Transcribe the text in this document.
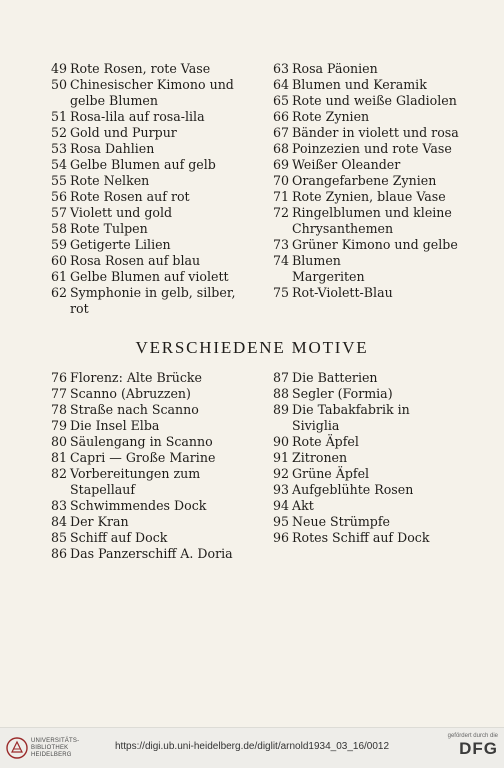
49 Rote Rosen, rote Vase
50 Chinesischer Kimono und
gelbe Blumen
51 Rosa-lila auf rosa-lila
52 Gold und Purpur
53 Rosa Dahlien
54 Gelbe Blumen auf gelb
55 Rote Nelken
56 Rote Rosen auf rot
57 Violett und gold
58 Rote Tulpen
59 Getigerte Lilien
60 Rosa Rosen auf blau
61 Gelbe Blumen auf violett
62 Symphonie in gelb, silber,
rot
63 Rosa Päonien
64 Blumen und Keramik
65 Rote und weiße Gladiolen
66 Rote Zynien
67 Bänder in violett und rosa
68 Poinzezien und rote Vase
69 Weißer Oleander
70 Orangefarbene Zynien
71 Rote Zynien, blaue Vase
72 Ringelblumen und kleine
Chrysanthemen
73 Grüner Kimono und gelbe
74 Blumen
Margeriten
75 Rot-Violett-Blau
VERSCHIEDENE MOTIVE
76 Florenz: Alte Brücke
77 Scanno (Abruzzen)
78 Straße nach Scanno
79 Die Insel Elba
80 Säulengang in Scanno
81 Capri — Große Marine
82 Vorbereitungen zum
Stapellauf
83 Schwimmendes Dock
84 Der Kran
85 Schiff auf Dock
86 Das Panzerschiff A. Doria
87 Die Batterien
88 Segler (Formia)
89 Die Tabakfabrik in
Siviglia
90 Rote Äpfel
91 Zitronen
92 Grüne Äpfel
93 Aufgeblühte Rosen
94 Akt
95 Neue Strümpfe
96 Rotes Schiff auf Dock
UNIVERSITÄTS-
BIBLIOTHEK
HEIDELBERG
https://digi.ub.uni-heidelberg.de/diglit/arnold1934_03_16/0012
gefördert durch die
DFG
